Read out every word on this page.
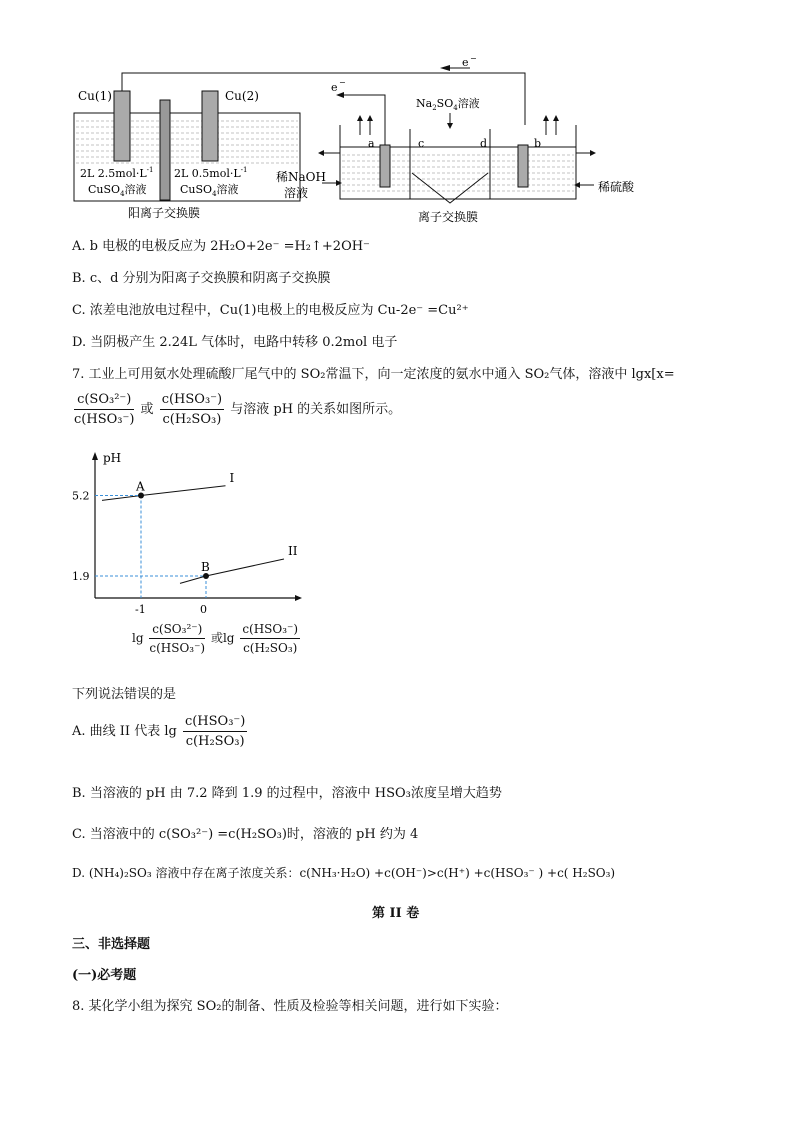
e −
Cu(1)	Cu(2)
2L $2.5mol\cdot L^{-1}$
CuSO$_4$溶液
2L $0.5mol\cdot L^{-1}$
CuSO$_4$溶液
阳离子交换膜
e −
a	c	d	b
$Na_2SO_4$溶液
稀NaOH
溶液	稀硫酸
离子交换膜
A. b 电极的电极反应为 2H₂O+2e⁻ =H₂↑+2OH⁻
B. c、d 分别为阳离子交换膜和阴离子交换膜
C. 浓差电池放电过程中，Cu(1)电极上的电极反应为 Cu-2e⁻ =Cu²⁺
D. 当阴极产生 2.24L 气体时，电路中转移 0.2mol 电子
7. 工业上可用氨水处理硫酸厂尾气中的 SO₂常温下，向一定浓度的氨水中通入 SO₂气体，溶液中 lgx[x=
$\frac{\text{c(SO₃²⁻)}}{\text{c(HSO₃⁻)}}$ 或 $\frac{\text{c(HSO₃⁻)}}{\text{c(H₂SO₃)}}$ 与溶液 pH 的关系如图所示。
pH
I
II
A
B
5.2
1.9
-1	0
$\lg \frac{\text{c(SO₃²⁻)}}{\text{c(HSO₃⁻)}}$ 或$\lg \frac{\text{c(HSO₃⁻)}}{\text{c(H₂SO₃)}}$
下列说法错误的是
A. 曲线 II 代表 $\lg \frac{\text{c(HSO₃⁻)}}{\text{c(H₂SO₃)}}$
B. 当溶液的 pH 由 7.2 降到 1.9 的过程中，溶液中 HSO₃浓度呈增大趋势
C. 当溶液中的 c(SO₃²⁻) =c(H₂SO₃)时，溶液的 pH 约为 4
D. (NH₄)₂SO₃ 溶液中存在离子浓度关系：c(NH₃·H₂O) +c(OH⁻)>c(H⁺) +c(HSO₃⁻ ) +c( H₂SO₃)
第 II 卷
三、非选择题
(一)必考题
8. 某化学小组为探究 SO₂的制备、性质及检验等相关问题，进行如下实验：
